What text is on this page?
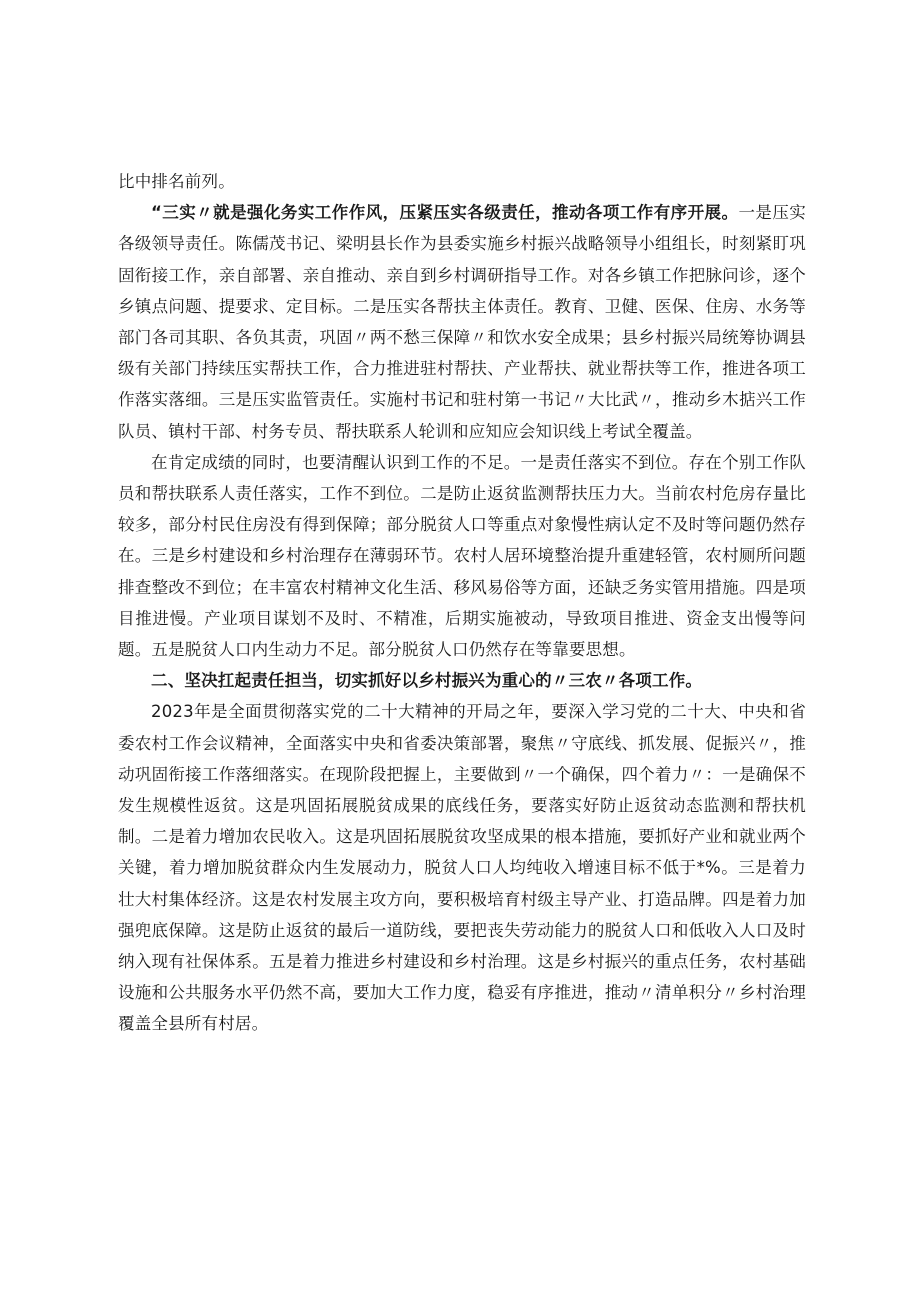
比中排名前列。

“三实〃就是强化务实工作作风，压紧压实各级责任，推动各项工作有序开展。一是压实各级领导责任。陈儒茂书记、梁明县长作为县委实施乡村振兴战略领导小组组长，时刻紧盯巩固衔接工作，亲自部署、亲自推动、亲自到乡村调研指导工作。对各乡镇工作把脉问诊，逐个乡镇点问题、提要求、定目标。二是压实各帮扶主体责任。教育、卫健、医保、住房、水务等部门各司其职、各负其责，巩固〃两不愁三保障〃和饮水安全成果；县乡村振兴局统筹协调县级有关部门持续压实帮扶工作，合力推进驻村帮扶、产业帮扶、就业帮扶等工作，推进各项工作落实落细。三是压实监管责任。实施村书记和驻村第一书记〃大比武〃，推动乡木掂兴工作队员、镇村干部、村务专员、帮扶联系人轮训和应知应会知识线上考试全覆盖。

在肯定成绩的同时，也要清醒认识到工作的不足。一是责任落实不到位。存在个别工作队员和帮扶联系人责任落实，工作不到位。二是防止返贫监测帮扶压力大。当前农村危房存量比较多，部分村民住房没有得到保障；部分脱贫人口等重点对象慢性病认定不及时等问题仍然存在。三是乡村建设和乡村治理存在薄弱环节。农村人居环境整治提升重建轻管，农村厕所问题排查整改不到位；在丰富农村精神文化生活、移风易俗等方面，还缺乏务实管用措施。四是项目推进慢。产业项目谋划不及时、不精准，后期实施被动，导致项目推进、资金支出慢等问题。五是脱贫人口内生动力不足。部分脱贫人口仍然存在等靠要思想。

二、坚决扛起责任担当，切实抓好以乡村振兴为重心的〃三农〃各项工作。

2023年是全面贯彻落实党的二十大精神的开局之年，要深入学习党的二十大、中央和省委农村工作会议精神，全面落实中央和省委决策部署，聚焦〃守底线、抓发展、促振兴〃，推动巩固衔接工作落细落实。在现阶段把握上，主要做到〃一个确保，四个着力〃：一是确保不发生规模性返贫。这是巩固拓展脱贫成果的底线任务，要落实好防止返贫动态监测和帮扶机制。二是着力增加农民收入。这是巩固拓展脱贫攻坚成果的根本措施，要抓好产业和就业两个关键，着力增加脱贫群众内生发展动力，脱贫人口人均纯收入增速目标不低于*%。三是着力壮大村集体经济。这是农村发展主攻方向，要积极培育村级主导产业、打造品牌。四是着力加强兜底保障。这是防止返贫的最后一道防线，要把丧失劳动能力的脱贫人口和低收入人口及时纳入现有社保体系。五是着力推进乡村建设和乡村治理。这是乡村振兴的重点任务，农村基础设施和公共服务水平仍然不高，要加大工作力度，稳妥有序推进，推动〃清单积分〃乡村治理覆盖全县所有村居。
